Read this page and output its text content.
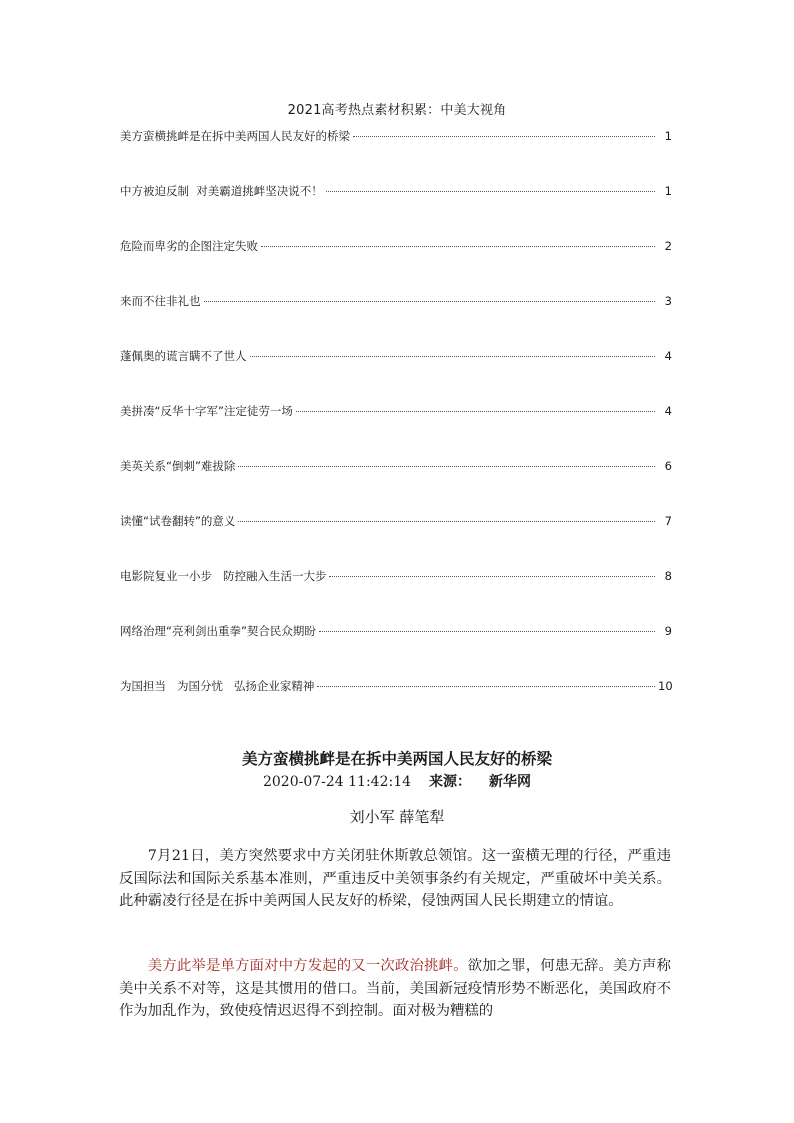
2021高考热点素材积累：中美大视角
美方蛮横挑衅是在拆中美两国人民友好的桥梁	1
中方被迫反制  对美霸道挑衅坚决说不！	1
危险而卑劣的企图注定失败	2
来而不往非礼也	3
蓬佩奥的谎言瞒不了世人	4
美拼凑“反华十字军”注定徒劳一场	4
美英关系“倒刺”难拔除	6
读懂“试卷翻转”的意义	7
电影院复业一小步   防控融入生活一大步	8
网络治理“亮利剑出重拳”契合民众期盼	9
为国担当   为国分忧   弘扬企业家精神	10
美方蛮横挑衅是在拆中美两国人民友好的桥梁
2020-07-24 11:42:14 来源： 新华网
刘小军 薛笔犁

7月21日，美方突然要求中方关闭驻休斯敦总领馆。这一蛮横无理的行径，严重违反国际法和国际关系基本准则，严重违反中美领事条约有关规定，严重破坏中美关系。此种霸凌行径是在拆中美两国人民友好的桥梁，侵蚀两国人民长期建立的情谊。

美方此举是单方面对中方发起的又一次政治挑衅。欲加之罪，何患无辞。美方声称美中关系不对等，这是其惯用的借口。当前，美国新冠疫情形势不断恶化，美国政府不作为加乱作为，致使疫情迟迟得不到控制。面对极为糟糕的
